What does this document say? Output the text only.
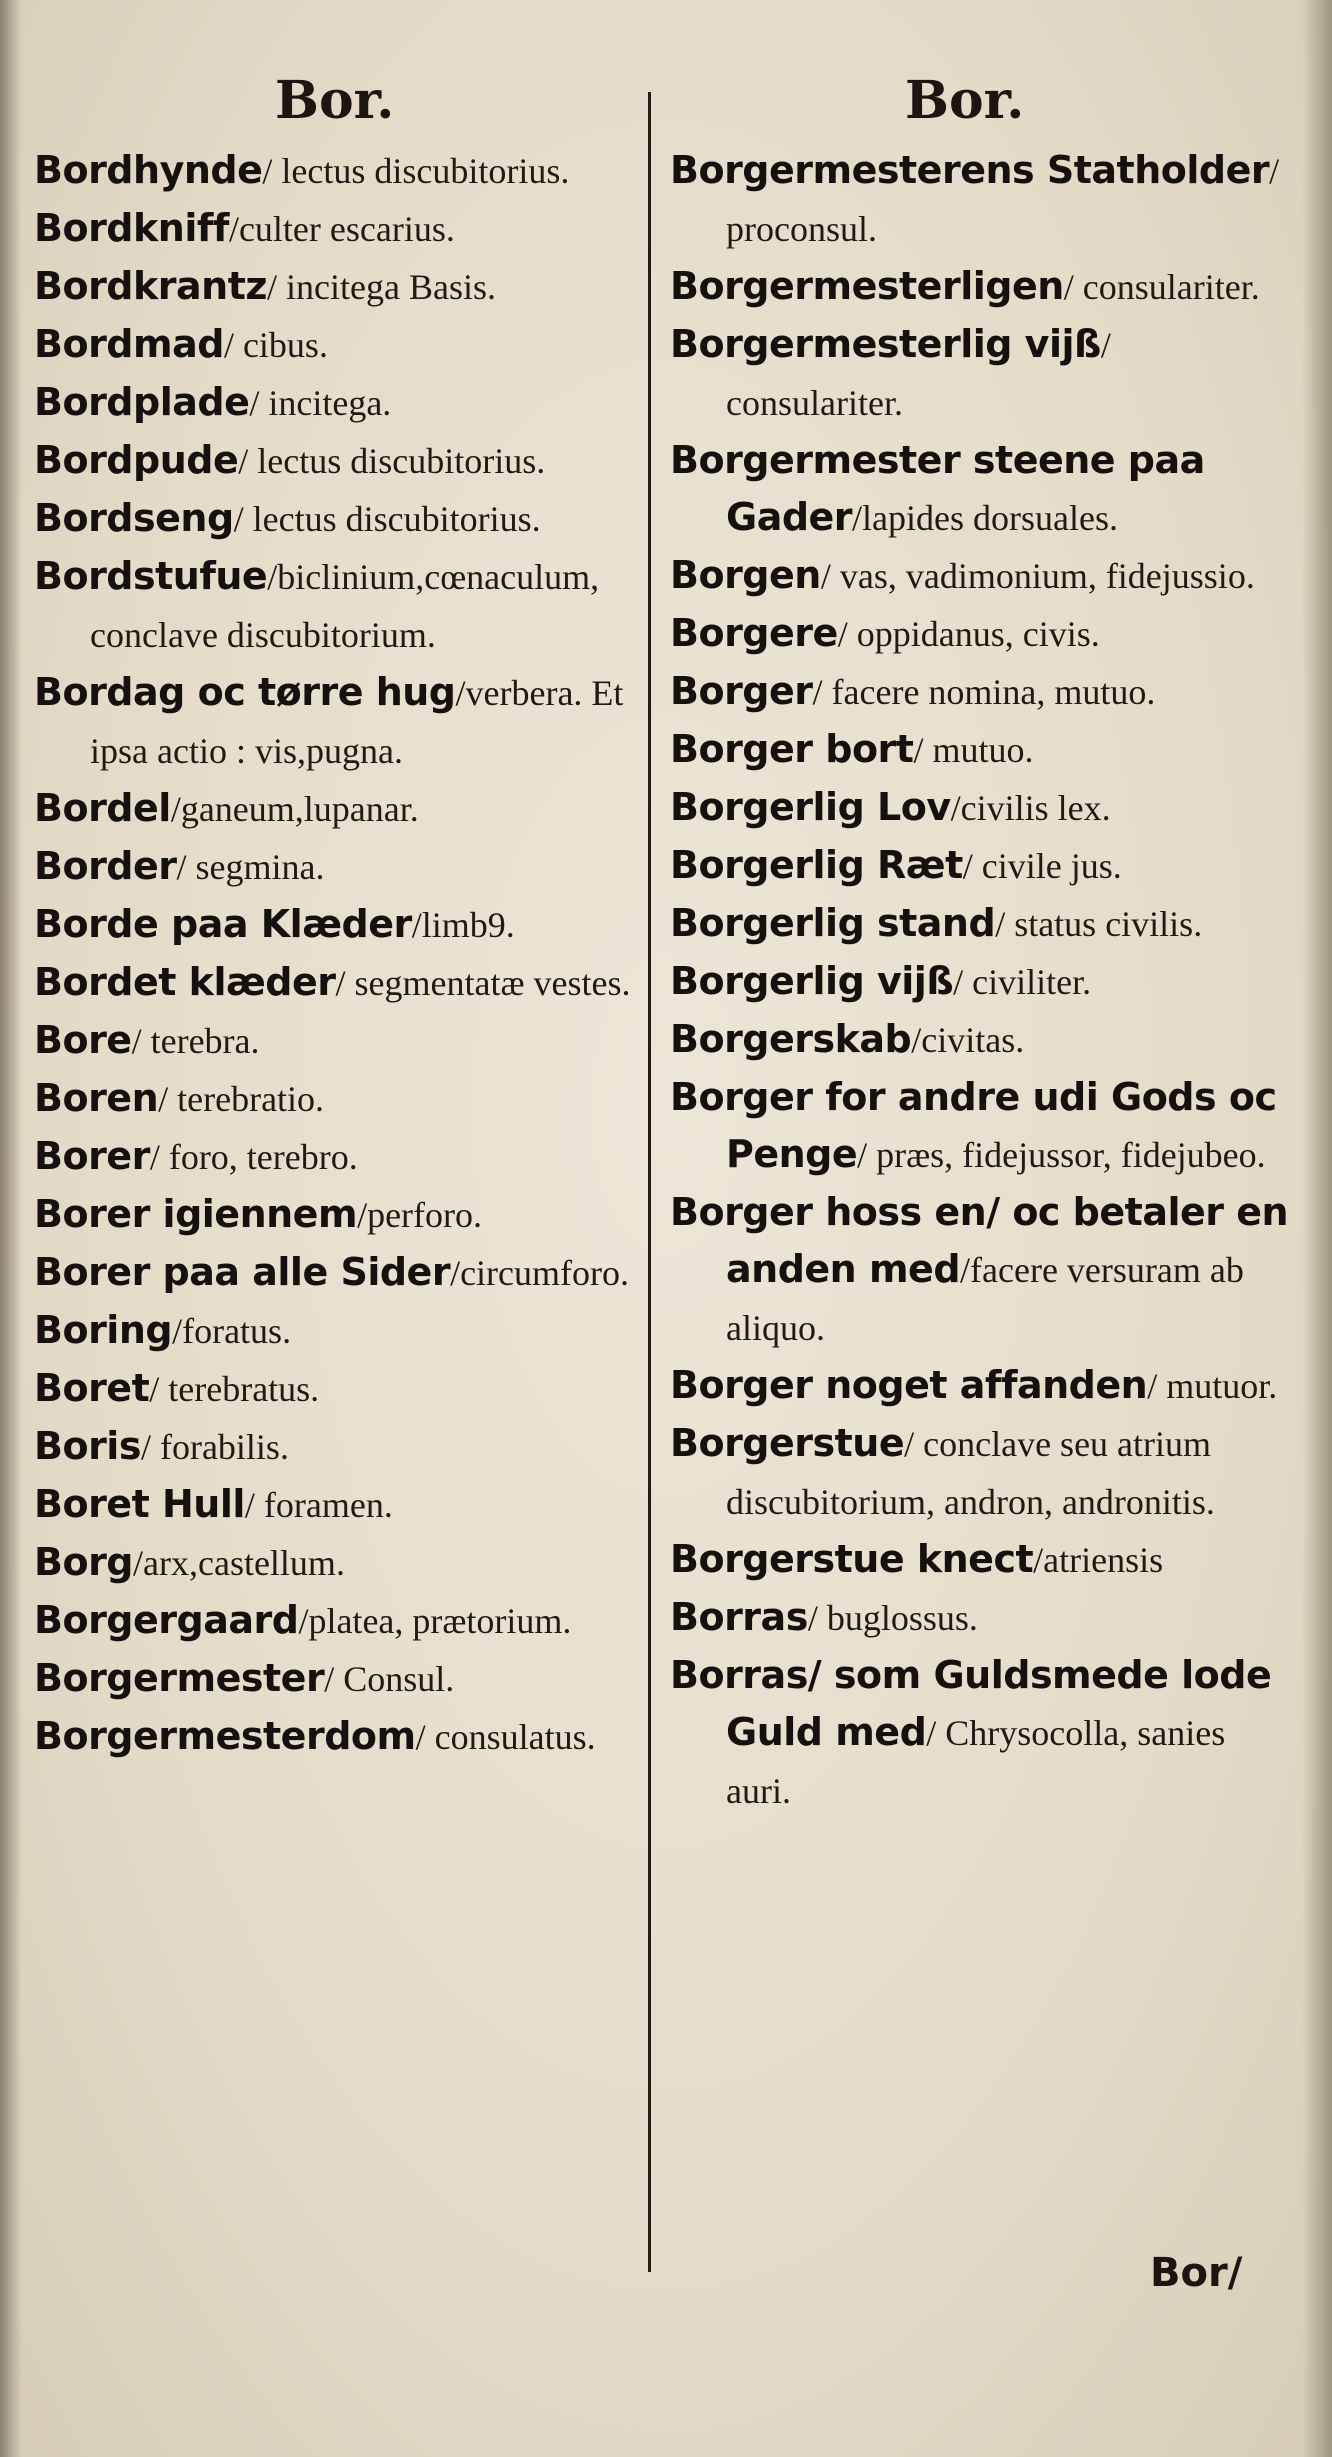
Bor.	Bor.
Bordhynde/ lectus discubitorius.
Bordkniff/culter escarius.
Bordkrantz/ incitega Basis.
Bordmad/ cibus.
Bordplade/ incitega.
Bordpude/ lectus discubitorius.
Bordseng/ lectus discubitorius.
Bordstufue/biclinium,cœnaculum, conclave discubitorium.
Bordag oc tørre hug/verbera. Et ipsa actio : vis,pugna.
Bordel/ganeum,lupanar.
Border/ segmina.
Borde paa Klæder/limb9.
Bordet klæder/ segmentatæ vestes.
Bore/ terebra.
Boren/ terebratio.
Borer/ foro, terebro.
Borer igiennem/perforo.
Borer paa alle Sider/circumforo.
Boring/foratus.
Boret/ terebratus.
Boris/ forabilis.
Boret Hull/ foramen.
Borg/arx,castellum.
Borgergaard/platea, prætorium.
Borgermester/ Consul.
Borgermesterdom/ consulatus.
Borgermesterens Statholder/ proconsul.
Borgermesterligen/ consulariter.
Borgermesterlig vijß/ consulariter.
Borgermester steene paa Gader/lapides dorsuales.
Borgen/ vas, vadimonium, fidejussio.
Borgere/ oppidanus, civis.
Borger/ facere nomina, mutuo.
Borger bort/ mutuo.
Borgerlig Lov/civilis lex.
Borgerlig Ræt/ civile jus.
Borgerlig stand/ status civilis.
Borgerlig vijß/ civiliter.
Borgerskab/civitas.
Borger for andre udi Gods oc Penge/ præs, fidejussor, fidejubeo.
Borger hoss en/ oc betaler en anden med/facere versuram ab aliquo.
Borger noget affanden/ mutuor.
Borgerstue/ conclave seu atrium discubitorium, andron, andronitis.
Borgerstue knect/atriensis
Borras/ buglossus.
Borras/ som Guldsmede lode Guld med/ Chrysocolla, sanies auri.
Bor/
